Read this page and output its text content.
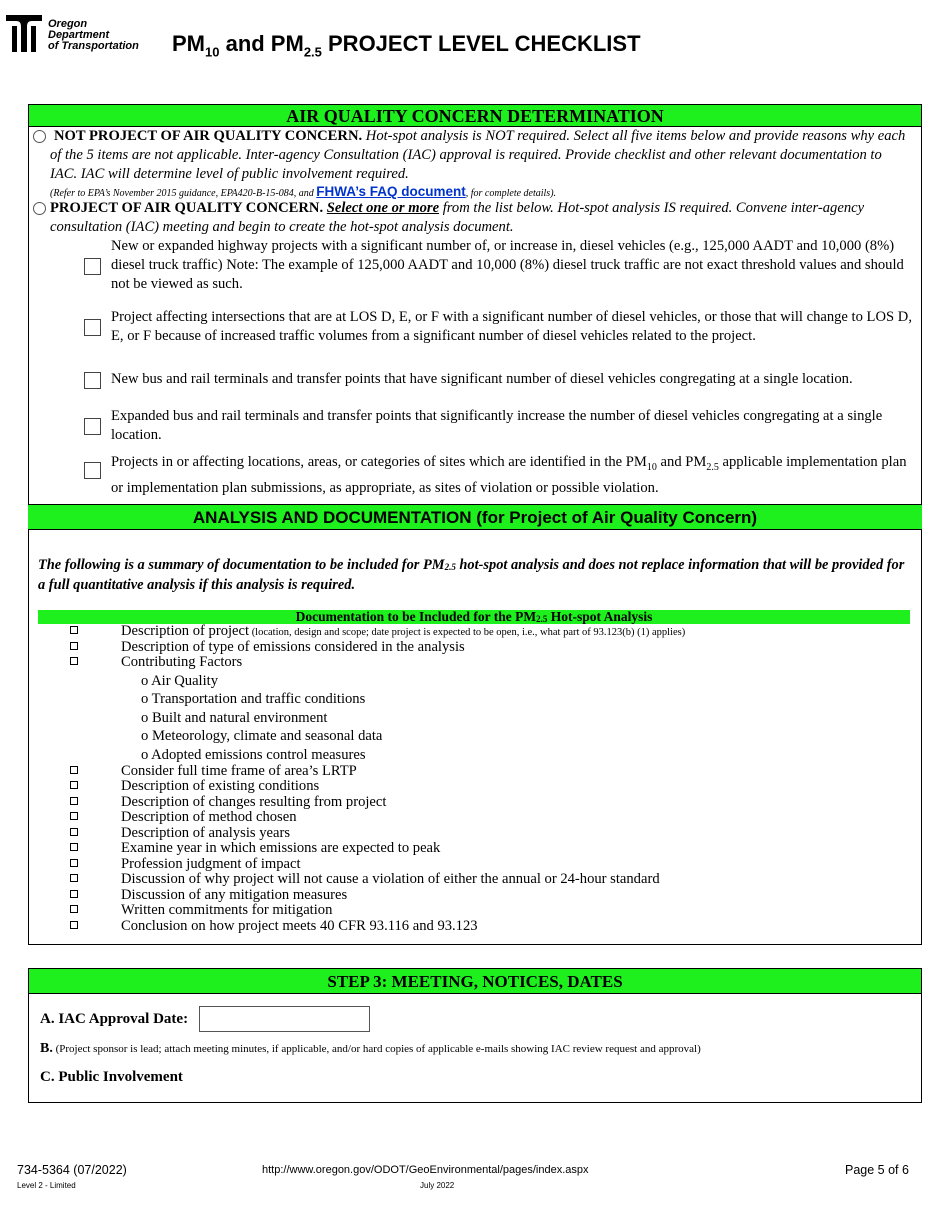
Oregon
Department
of Transportation $PM_{10}$ and $PM_{2.5}$ PROJECT LEVEL CHECKLIST
AIR QUALITY CONCERN DETERMINATION
NOT PROJECT OF AIR QUALITY CONCERN. Hot-spot analysis is NOT required. Select all five items below and provide reasons why each of the 5 items are not applicable. Inter-agency Consultation (IAC) approval is required. Provide checklist and other relevant documentation to IAC. IAC will determine level of public involvement required.
(Refer to EPA’s November 2015 guidance, EPA420-B-15-084, and FHWA’s FAQ document, for complete details).
PROJECT OF AIR QUALITY CONCERN. Select one or more from the list below. Hot-spot analysis IS required. Convene inter-agency consultation (IAC) meeting and begin to create the hot-spot analysis document.
New or expanded highway projects with a significant number of, or increase in, diesel vehicles (e.g., 125,000 AADT and 10,000 (8%) diesel truck traffic) Note: The example of 125,000 AADT and 10,000 (8%) diesel truck traffic are not exact threshold values and should not be viewed as such.
Project affecting intersections that are at LOS D, E, or F with a significant number of diesel vehicles, or those that will change to LOS D, E, or F because of increased traffic volumes from a significant number of diesel vehicles related to the project.
New bus and rail terminals and transfer points that have significant number of diesel vehicles congregating at a single location.
Expanded bus and rail terminals and transfer points that significantly increase the number of diesel vehicles congregating at a single location.
Projects in or affecting locations, areas, or categories of sites which are identified in the $PM_{10}$ and $PM_{2.5}$ applicable implementation plan or implementation plan submissions, as appropriate, as sites of violation or possible violation.
ANALYSIS AND DOCUMENTATION (for Project of Air Quality Concern)
The following is a summary of documentation to be included for $PM_{2.5}$ hot-spot analysis and does not replace information that will be provided for a full quantitative analysis if this analysis is required.
Documentation to be Included for the $PM_{2.5}$ Hot-spot Analysis
Description of project (location, design and scope; date project is expected to be open, i.e., what part of 93.123(b) (1) applies)
Description of type of emissions considered in the analysis
Contributing Factors
o Air Quality
o Transportation and traffic conditions
o Built and natural environment
o Meteorology, climate and seasonal data
o Adopted emissions control measures
Consider full time frame of area’s LRTP
Description of existing conditions
Description of changes resulting from project
Description of method chosen
Description of analysis years
Examine year in which emissions are expected to peak
Profession judgment of impact
Discussion of why project will not cause a violation of either the annual or 24-hour standard
Discussion of any mitigation measures
Written commitments for mitigation
Conclusion on how project meets 40 CFR 93.116 and 93.123
STEP 3: MEETING, NOTICES, DATES
A. IAC Approval Date:
B. (Project sponsor is lead; attach meeting minutes, if applicable, and/or hard copies of applicable e-mails showing IAC review request and approval)
C. Public Involvement
734-5364 (07/2022)
Level 2 - Limited
http://www.oregon.gov/ODOT/GeoEnvironmental/pages/index.aspx
July 2022
Page 5 of 6
